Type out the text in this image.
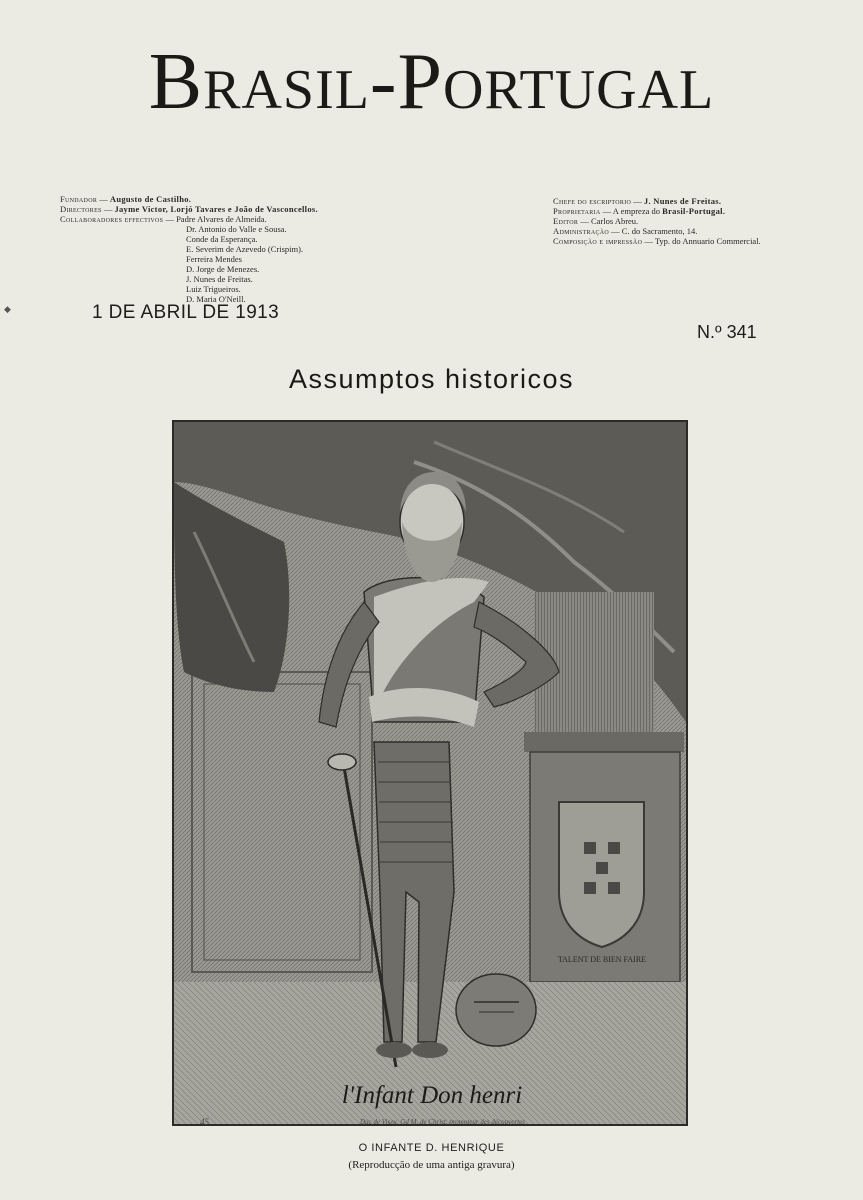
Brasil-Portugal
Fundador — Augusto de Castilho.
Directores — Jayme Victor, Lorjó Tavares e João de Vasconcellos.
Collaboradores effectivos — Padre Alvares de Almeida.
Dr. Antonio do Valle e Sousa.
Conde da Esperança.
E. Severim de Azevedo (Crispim).
Ferreira Mendes
D. Jorge de Menezes.
J. Nunes de Freitas.
Luiz Trigueiros.
D. Maria O'Neill.
Chefe do escriptorio — J. Nunes de Freitas.
Proprietaria — A empreza do Brasil-Portugal.
Editor — Carlos Abreu.
Administração — C. do Sacramento, 14.
Composição e impressão — Typ. do Annuario Commercial.
◆	1 DE ABRIL DE 1913
N.º 341
Assumptos historicos
TALENT DE BIEN FAIRE
l'Infant Don henri
45	Duc de Viseu, Gd M. de Christ, promoteur des découvertes
O INFANTE D. HENRIQUE
(Reproducção de uma antiga gravura)
